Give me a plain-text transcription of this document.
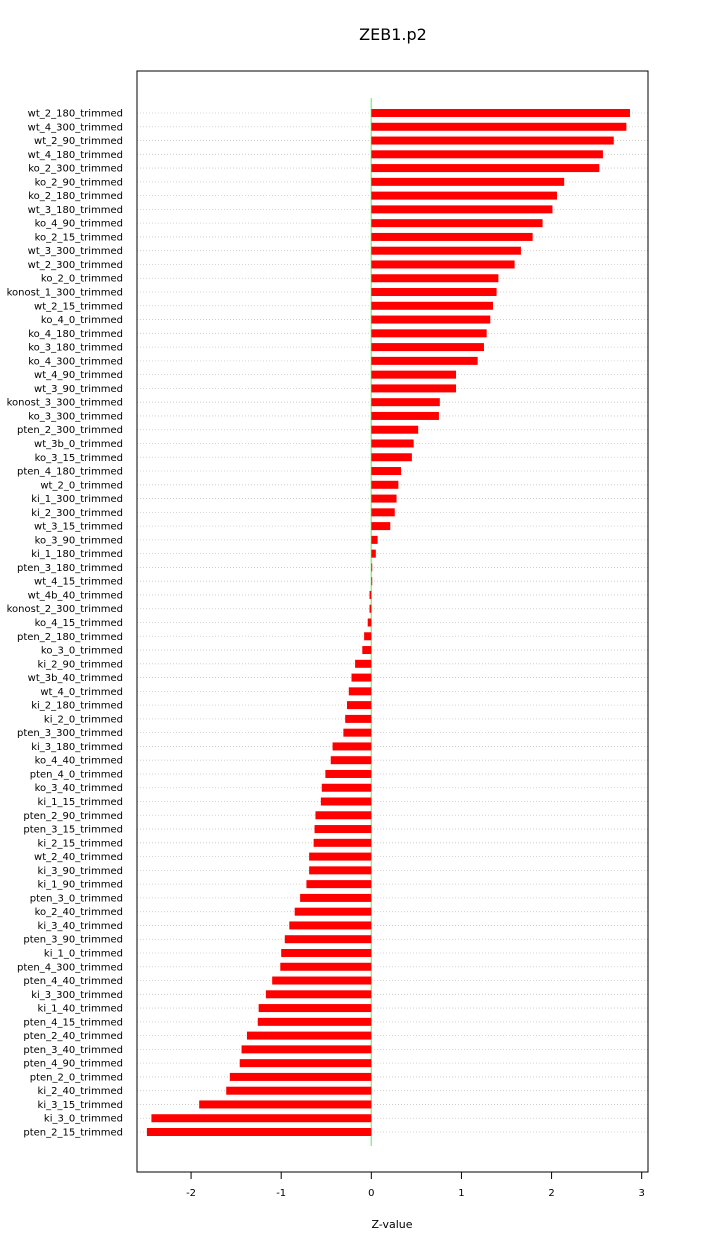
ZEB1.p2
wt_2_180_trimmed
wt_4_300_trimmed
wt_2_90_trimmed
wt_4_180_trimmed
ko_2_300_trimmed
ko_2_90_trimmed
ko_2_180_trimmed
wt_3_180_trimmed
ko_4_90_trimmed
ko_2_15_trimmed
wt_3_300_trimmed
wt_2_300_trimmed
ko_2_0_trimmed
konost_1_300_trimmed
wt_2_15_trimmed
ko_4_0_trimmed
ko_4_180_trimmed
ko_3_180_trimmed
ko_4_300_trimmed
wt_4_90_trimmed
wt_3_90_trimmed
konost_3_300_trimmed
ko_3_300_trimmed
pten_2_300_trimmed
wt_3b_0_trimmed
ko_3_15_trimmed
pten_4_180_trimmed
wt_2_0_trimmed
ki_1_300_trimmed
ki_2_300_trimmed
wt_3_15_trimmed
ko_3_90_trimmed
ki_1_180_trimmed
pten_3_180_trimmed
wt_4_15_trimmed
wt_4b_40_trimmed
konost_2_300_trimmed
ko_4_15_trimmed
pten_2_180_trimmed
ko_3_0_trimmed
ki_2_90_trimmed
wt_3b_40_trimmed
wt_4_0_trimmed
ki_2_180_trimmed
ki_2_0_trimmed
pten_3_300_trimmed
ki_3_180_trimmed
ko_4_40_trimmed
pten_4_0_trimmed
ko_3_40_trimmed
ki_1_15_trimmed
pten_2_90_trimmed
pten_3_15_trimmed
ki_2_15_trimmed
wt_2_40_trimmed
ki_3_90_trimmed
ki_1_90_trimmed
pten_3_0_trimmed
ko_2_40_trimmed
ki_3_40_trimmed
pten_3_90_trimmed
ki_1_0_trimmed
pten_4_300_trimmed
pten_4_40_trimmed
ki_3_300_trimmed
ki_1_40_trimmed
pten_4_15_trimmed
pten_2_40_trimmed
pten_3_40_trimmed
pten_4_90_trimmed
pten_2_0_trimmed
ki_2_40_trimmed
ki_3_15_trimmed
ki_3_0_trimmed
pten_2_15_trimmed
-2	-1	0	1	2	3
Z-value
